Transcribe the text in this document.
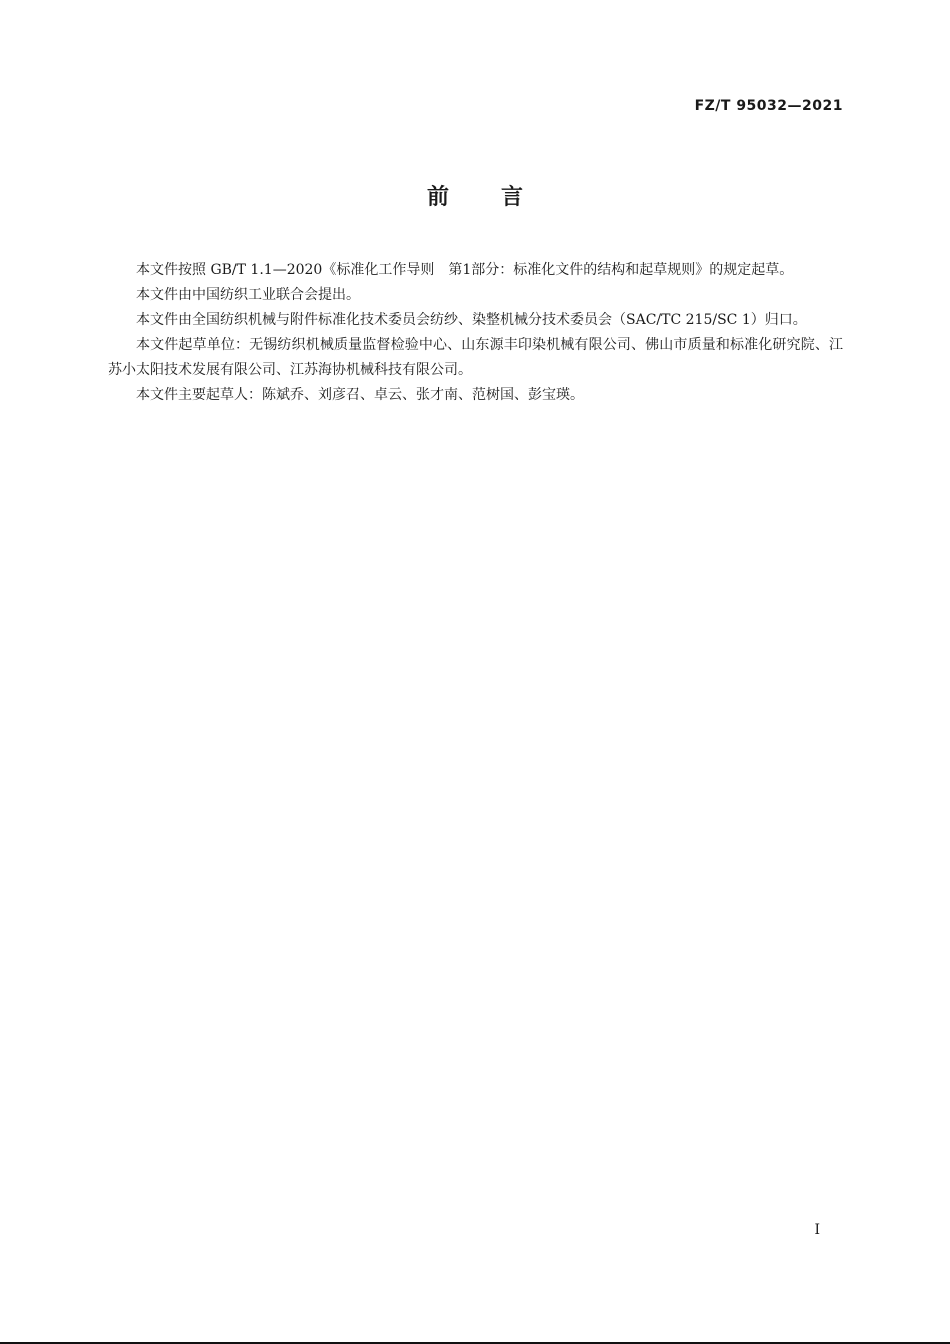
FZ/T 95032—2021
前言

本文件按照 GB/T 1.1—2020《标准化工作导则　第1部分：标准化文件的结构和起草规则》的规定起草。

本文件由中国纺织工业联合会提出。

本文件由全国纺织机械与附件标准化技术委员会纺纱、染整机械分技术委员会（SAC/TC 215/SC 1）归口。

本文件起草单位：无锡纺织机械质量监督检验中心、山东源丰印染机械有限公司、佛山市质量和标准化研究院、江苏小太阳技术发展有限公司、江苏海协机械科技有限公司。

本文件主要起草人：陈斌乔、刘彦召、卓云、张才南、范树国、彭宝瑛。

I
